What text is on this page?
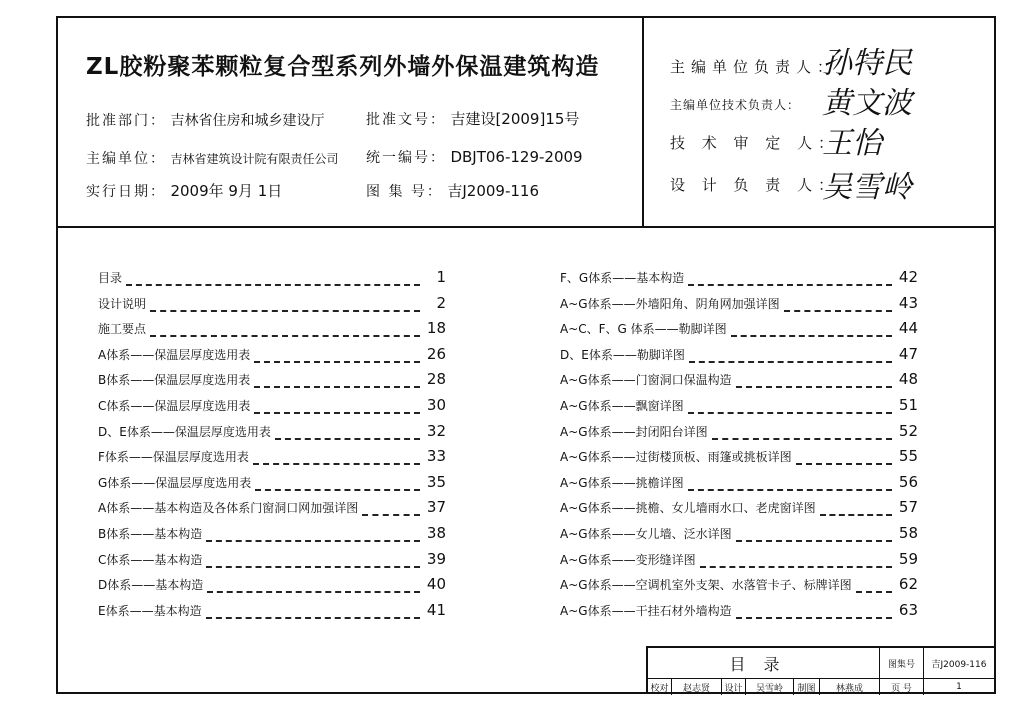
ZL胶粉聚苯颗粒复合型系列外墙外保温建筑构造
批准部门： 吉林省住房和城乡建设厅	批准文号： 吉建设[2009]15号
主编单位： 吉林省建筑设计院有限责任公司 统一编号： DBJT06-129-2009
实行日期： 2009年 9月 1日	图 集 号： 吉J2009-116
主编单位负责人：
孙特民
主编单位技术负责人： 黄文波
技 术 审 定 人：
王怡
设 计 负 责 人：
吴雪岭
目录	1
设计说明	2
施工要点	18
A体系——保温层厚度选用表	26
B体系——保温层厚度选用表	28
C体系——保温层厚度选用表	30
D、E体系——保温层厚度选用表	32
F体系——保温层厚度选用表	33
G体系——保温层厚度选用表	35
A体系——基本构造及各体系门窗洞口网加强详图	37
B体系——基本构造	38
C体系——基本构造	39
D体系——基本构造	40
E体系——基本构造	41
F、G体系——基本构造	42
A~G体系——外墙阳角、阴角网加强详图	43
A~C、F、G 体系——勒脚详图	44
D、E体系——勒脚详图	47
A~G体系——门窗洞口保温构造	48
A~G体系——飘窗详图	51
A~G体系——封闭阳台详图	52
A~G体系——过街楼顶板、雨篷或挑板详图	55
A~G体系——挑檐详图	56
A~G体系——挑檐、女儿墙雨水口、老虎窗详图	57
A~G体系——女儿墙、泛水详图	58
A~G体系——变形缝详图	59
A~G体系——空调机室外支架、水落管卡子、标牌详图	62
A~G体系——干挂石材外墙构造	63
目录	图集号	吉J2009-116
校对	赵志贤	设计	吴雪岭	制图	林燕成	页 号	1
